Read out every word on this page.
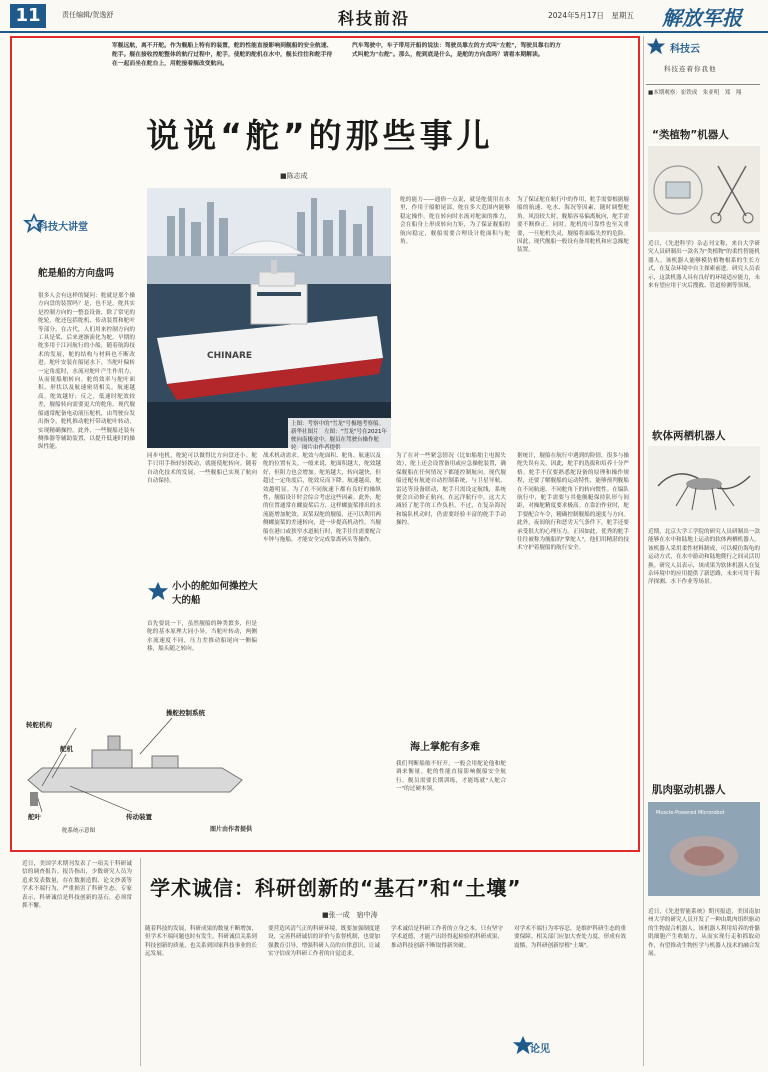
11	责任编辑/贺逸舒	科技前沿	2024年5月17日　星期五 解放军报
军舰远航，离不开舵。作为舰船上特有的装置，舵的性能直接影响到舰船的安全航速、舵手。舰在接收控舵整体的航行过程中，舵手，使舵的舵机在水中，舰长往往和舵手待在一起而坐在舵台上，用舵接着舰改变航向。
汽车驾驶中，车子带用开船的说法：驾驶员靠左的方式叫"左舵"，驾驶员靠右的方式叫舵为"右舵"。那么，舵到底是什么，是舵的方向盘吗？请看本期解读。
说说“舵”的那些事儿
■陈志成
科技大讲堂
舵是船的方向盘吗
很多人会有这样的疑问：舵就是那个操方向盘的装置吗？是，也不是。舵其实是控制方向的一整套设备，除了常见的舵轮，舵还包括舵机、传动装置和舵叶等部分。在古代，人们用来控制方向的工具是桨，后来逐渐演化为舵。早期的舵多用于江河航行的小船，随着航海技术的发展，舵的结构与材料也不断改进。舵叶安装在船尾水下，当舵叶偏转一定角度时，水流对舵叶产生作用力，从而使船舶转向。舵的效率与舵叶面积、形状以及航速密切相关。航速越高，舵效越好；反之，低速时舵效较差，舰船转向需要更大的舵角。现代舰船通常配备电动液压舵机，由驾驶台发出指令，舵机推动舵杆带动舵叶转动，实现精确操控。此外，一些舰船还装有侧推器等辅助装置，以提升低速时的操纵性能。
CHINARE
上图：考察中的"雪龙"号极地考察船。新华社图片　左图："雪龙"号在2021年驶向南极途中。舰员在驾驶台操作舵轮。图片由作者提供
舵的能力——通俗一点说，就是舵使用在水里，作用于船舶尾部，舵在多大范围内能够稳定操作。舵在转向时水流对舵面的推力，会在船身上形成转向力矩，为了保证舰船的航向稳定，舰船需要合理设计舵面积与舵角。
为了保证舵在航行中的作用，舵手需要根据舰船的航速、吃水、海况等因素，随时调整舵角。风浪较大时，舰船容易偏离航向，舵手需要不断修正。同时，舵机的可靠性也至关重要，一旦舵机失灵，舰船将面临失控的危险。因此，现代舰船一般设有备用舵机和应急操舵装置。
同步电机，舵轮可以做得比方向盘还小。舵手只用手指轻轻拨动，就能使舵转向。随着自动化技术的发展，一些舰船已实现了航向自动保持。
小小的舵如何操控大大的船
首先要说一下，虽然舰船的种类繁多，但是舵的基本原理大同小异。当舵叶转动，两侧水流速度不同，压力差推动船尾向一侧偏移，船头随之转向。
战术机动需求。舵效与舵面积、舵角、航速以及舵的位置有关。一般来说，舵面积越大，舵效越好，但阻力也会增加。舵角越大，转向越快，但超过一定角度后，舵效反而下降。航速越高，舵效越明显。为了在不同航速下都有良好的操纵性，舰船设计时会综合考虑这些因素。此外，舵的位置通常在螺旋桨后方，这样螺旋桨排出的水流能增加舵效。双桨双舵的舰船，还可以利用两侧螺旋桨的差速转向，进一步提高机动性。当舰船在港口或狭窄水道航行时，舵手往往需要配合车钟与拖船，才能安全完成靠离码头等操作。
操舵控制系统
舵机
转舵机构
舵叶	传动装置
舵系统示意图	图片由作者提供
为了在对一些紧急情况（比如船舶主电源失效），舵上还会设置备用或应急操舵装置，确保舰船在任何情况下都能控制航向。现代舰船还配有航迹自动控制系统，与卫星导航、雷达等设备联动，舵手只需设定航线，系统便会自动修正航向。在远洋航行中，这大大减轻了舵手的工作负担。不过，在复杂海况和编队机动时，仍需要经验丰富的舵手手动操控。
海上掌舵有多难
我们判断船舶不好开，一般会用舵论他和舵调来衡量。舵的性能直接影响舰船安全航行，舰员需要长期训练，才能练就"人舵合一"的过硬本领。
据统计，舰船在航行中遇到的险情，很多与操舵失误有关。因此，舵手的选拔和培养十分严格。舵手不仅要熟悉舵设备的原理和操作规程，还要了解舰船的运动特性，能够预判舰船在不同航速、不同舵角下的转向惯性。在编队航行中，舵手需要与其他舰艇保持队形与间距，对操舵精度要求极高。在靠泊作业时，舵手要配合车令，精确控制舰船的速度与方向。此外，夜间航行和恶劣天气条件下，舵手还要承受很大的心理压力。正因如此，优秀的舵手往往被称为舰船的"掌舵人"，他们用精湛的技术守护着舰船的航行安全。
科技云
科技连着你我他
■本期观察：崔铁成　朱亚明　郑　翔
“类植物”机器人
近日，《先进科学》杂志刊文称，来自大学研究人员研制出一款名为"类植物"的柔性智能机器人。该机器人能够模仿植物根系的生长方式，在复杂环境中自主探索前进。研究人员表示，这款机器人具有良好的环境适应能力，未来有望应用于灾后搜救、管道检测等领域。
软体两栖机器人
近期，北京大学工学院的研究人员研制出一款能够在水中和陆地上运动的软体两栖机器人。该机器人采用柔性材料制成，可以模仿海龟的运动方式，在水中游动和陆地爬行之间灵活切换。研究人员表示，该成果为软体机器人在复杂环境中的应用提供了新思路，未来可用于海洋探测、水下作业等场景。
肌肉驱动机器人
Muscle-Powered Microrobot
近日，《先进智能系统》期刊报道，美国南加州大学的研究人员开发了一种由肌肉组织驱动的生物混合机器人。该机器人利用培养的骨骼肌细胞产生收缩力，从而实现行走和抓取动作，有望推动生物医学与机器人技术的融合发展。
近日，美国学术期刊发表了一项关于科研诚信的调查报告。报告指出，少数研究人员为追求发表数量，存在数据造假、论文抄袭等学术不端行为，严重损害了科研生态。专家表示，科研诚信是科技创新的基石，必须常抓不懈。
学术诚信：科研创新的“基石”和“土壤”
■张一成　宿中涛
随着科技的发展，科研成果的数量不断增加，但学术不端问题也时有发生。科研诚信关系到科技创新的质量，也关系到国家科技事业的长远发展。
要营造风清气正的科研环境，既要加强制度建设，完善科研诚信的评价与监督机制，也要加强教育引导，增强科研人员的自律意识，让诚实守信成为科研工作者的自觉追求。
学术诚信是科研工作者的立身之本。只有坚守学术道德，才能产出经得起检验的科研成果，推动科技创新不断取得新突破。
对学术不端行为零容忍，是维护科研生态的重要保障。相关部门应加大查处力度，形成有效震慑，为科研创新厚植"土壤"。
论见
